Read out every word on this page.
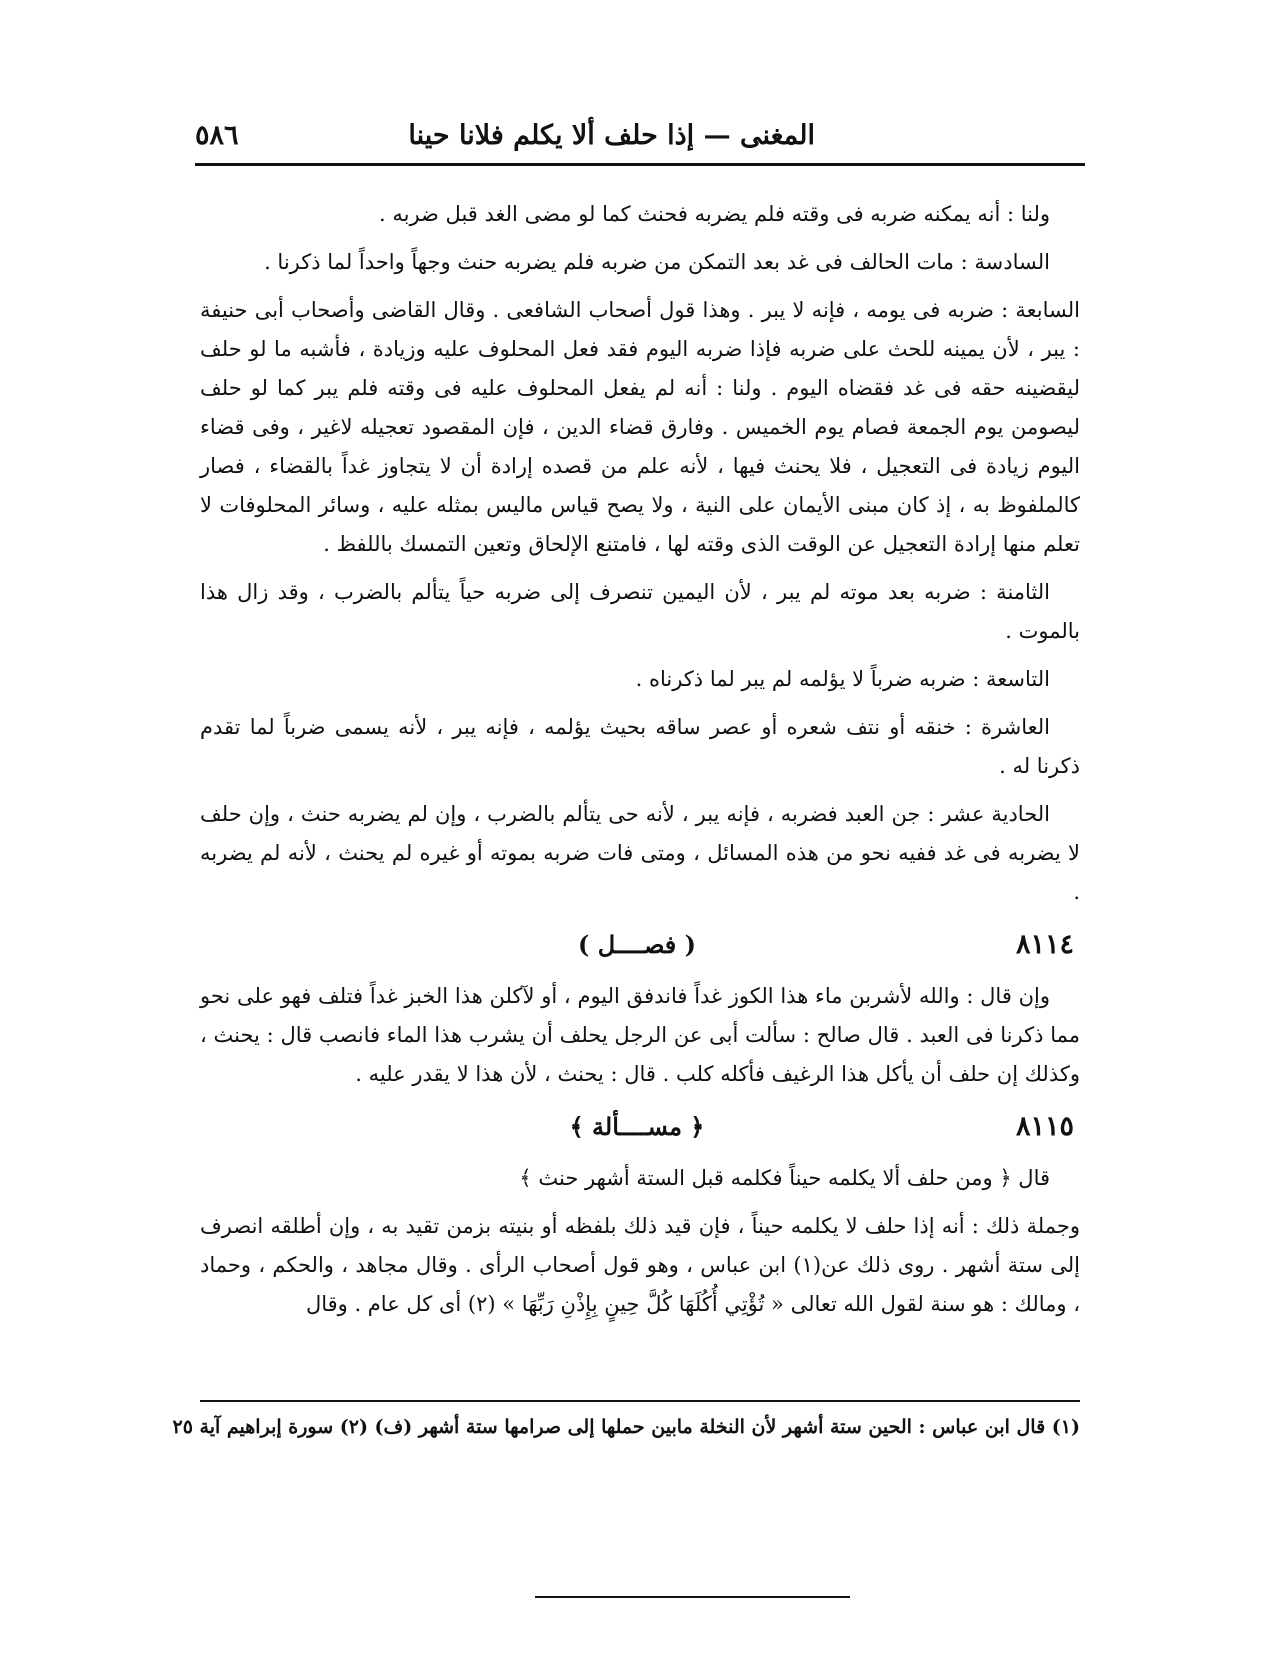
المغنى — إذا حلف ألا يكلم فلانا حينا
٥٨٦

ولنا : أنه يمكنه ضربه فى وقته فلم يضربه فحنث كما لو مضى الغد قبل ضربه .

السادسة : مات الحالف فى غد بعد التمكن من ضربه فلم يضربه حنث وجهاً واحداً لما ذكرنا .

السابعة : ضربه فى يومه ، فإنه لا يبر . وهذا قول أصحاب الشافعى . وقال القاضى وأصحاب أبى حنيفة : يبر ، لأن يمينه للحث على ضربه فإذا ضربه اليوم فقد فعل المحلوف عليه وزيادة ، فأشبه ما لو حلف ليقضينه حقه فى غد فقضاه اليوم . ولنا : أنه لم يفعل المحلوف عليه فى وقته فلم يبر كما لو حلف ليصومن يوم الجمعة فصام يوم الخميس . وفارق قضاء الدين ، فإن المقصود تعجيله لاغير ، وفى قضاء اليوم زيادة فى التعجيل ، فلا يحنث فيها ، لأنه علم من قصده إرادة أن لا يتجاوز غداً بالقضاء ، فصار كالملفوظ به ، إذ كان مبنى الأيمان على النية ، ولا يصح قياس ماليس بمثله عليه ، وسائر المحلوفات لا تعلم منها إرادة التعجيل عن الوقت الذى وقته لها ، فامتنع الإلحاق وتعين التمسك باللفظ .

الثامنة : ضربه بعد موته لم يبر ، لأن اليمين تنصرف إلى ضربه حياً يتألم بالضرب ، وقد زال هذا بالموت .

التاسعة : ضربه ضرباً لا يؤلمه لم يبر لما ذكرناه .

العاشرة : خنقه أو نتف شعره أو عصر ساقه بحيث يؤلمه ، فإنه يبر ، لأنه يسمى ضرباً لما تقدم ذكرنا له .

الحادية عشر : جن العبد فضربه ، فإنه يبر ، لأنه حى يتألم بالضرب ، وإن لم يضربه حنث ، وإن حلف لا يضربه فى غد ففيه نحو من هذه المسائل ، ومتى فات ضربه بموته أو غيره لم يحنث ، لأنه لم يضربه .

٨١١٤
( فصــــل )

وإن قال : والله لأشربن ماء هذا الكوز غداً فاندفق اليوم ، أو لآكلن هذا الخبز غداً فتلف فهو على نحو مما ذكرنا فى العبد . قال صالح : سألت أبى عن الرجل يحلف أن يشرب هذا الماء فانصب قال : يحنث ، وكذلك إن حلف أن يأكل هذا الرغيف فأكله كلب . قال : يحنث ، لأن هذا لا يقدر عليه .

٨١١٥
﴿ مســــألة ﴾

قال ﴿ ومن حلف ألا يكلمه حيناً فكلمه قبل الستة أشهر حنث ﴾

وجملة ذلك : أنه إذا حلف لا يكلمه حيناً ، فإن قيد ذلك بلفظه أو بنيته بزمن تقيد به ، وإن أطلقه انصرف إلى ستة أشهر . روى ذلك عن(١) ابن عباس ، وهو قول أصحاب الرأى . وقال مجاهد ، والحكم ، وحماد ، ومالك : هو سنة لقول الله تعالى « تُؤْتِي أُكُلَهَا كُلَّ حِينٍ بِإِذْنِ رَبِّهَا » (٢) أى كل عام . وقال

(١) قال ابن عباس : الحين ستة أشهر لأن النخلة مابين حملها إلى صرامها ستة أشهر (ف) (٢) سورة إبراهيم آية ٢٥
